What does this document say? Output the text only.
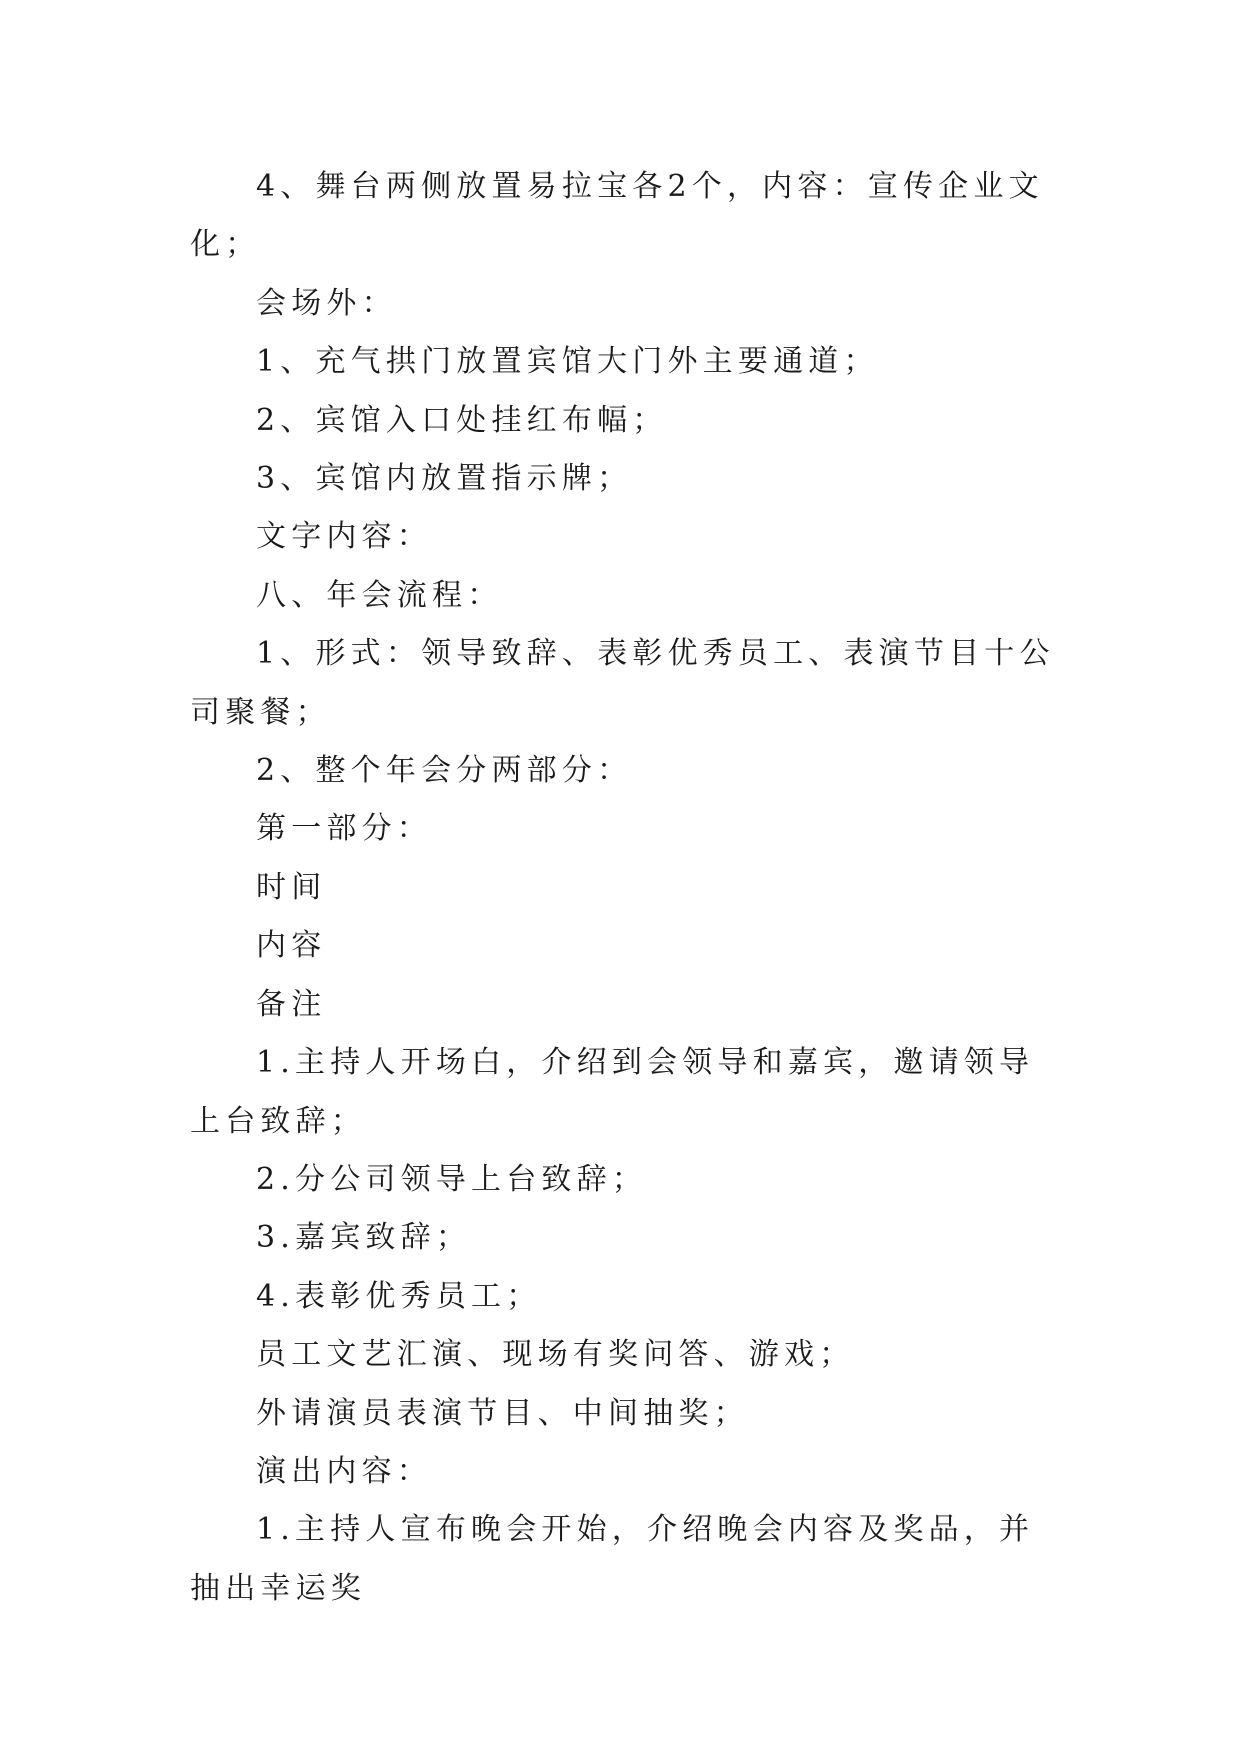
4、舞台两侧放置易拉宝各2个，内容：宣传企业文化；

会场外：

1、充气拱门放置宾馆大门外主要通道；

2、宾馆入口处挂红布幅；

3、宾馆内放置指示牌；

文字内容：

八、年会流程：

1、形式：领导致辞、表彰优秀员工、表演节目十公司聚餐；

2、整个年会分两部分：

第一部分：

时间

内容

备注

1.主持人开场白，介绍到会领导和嘉宾，邀请领导上台致辞；

2.分公司领导上台致辞；

3.嘉宾致辞；

4.表彰优秀员工；

员工文艺汇演、现场有奖问答、游戏；

外请演员表演节目、中间抽奖；

演出内容：

1.主持人宣布晚会开始，介绍晚会内容及奖品，并抽出幸运奖
